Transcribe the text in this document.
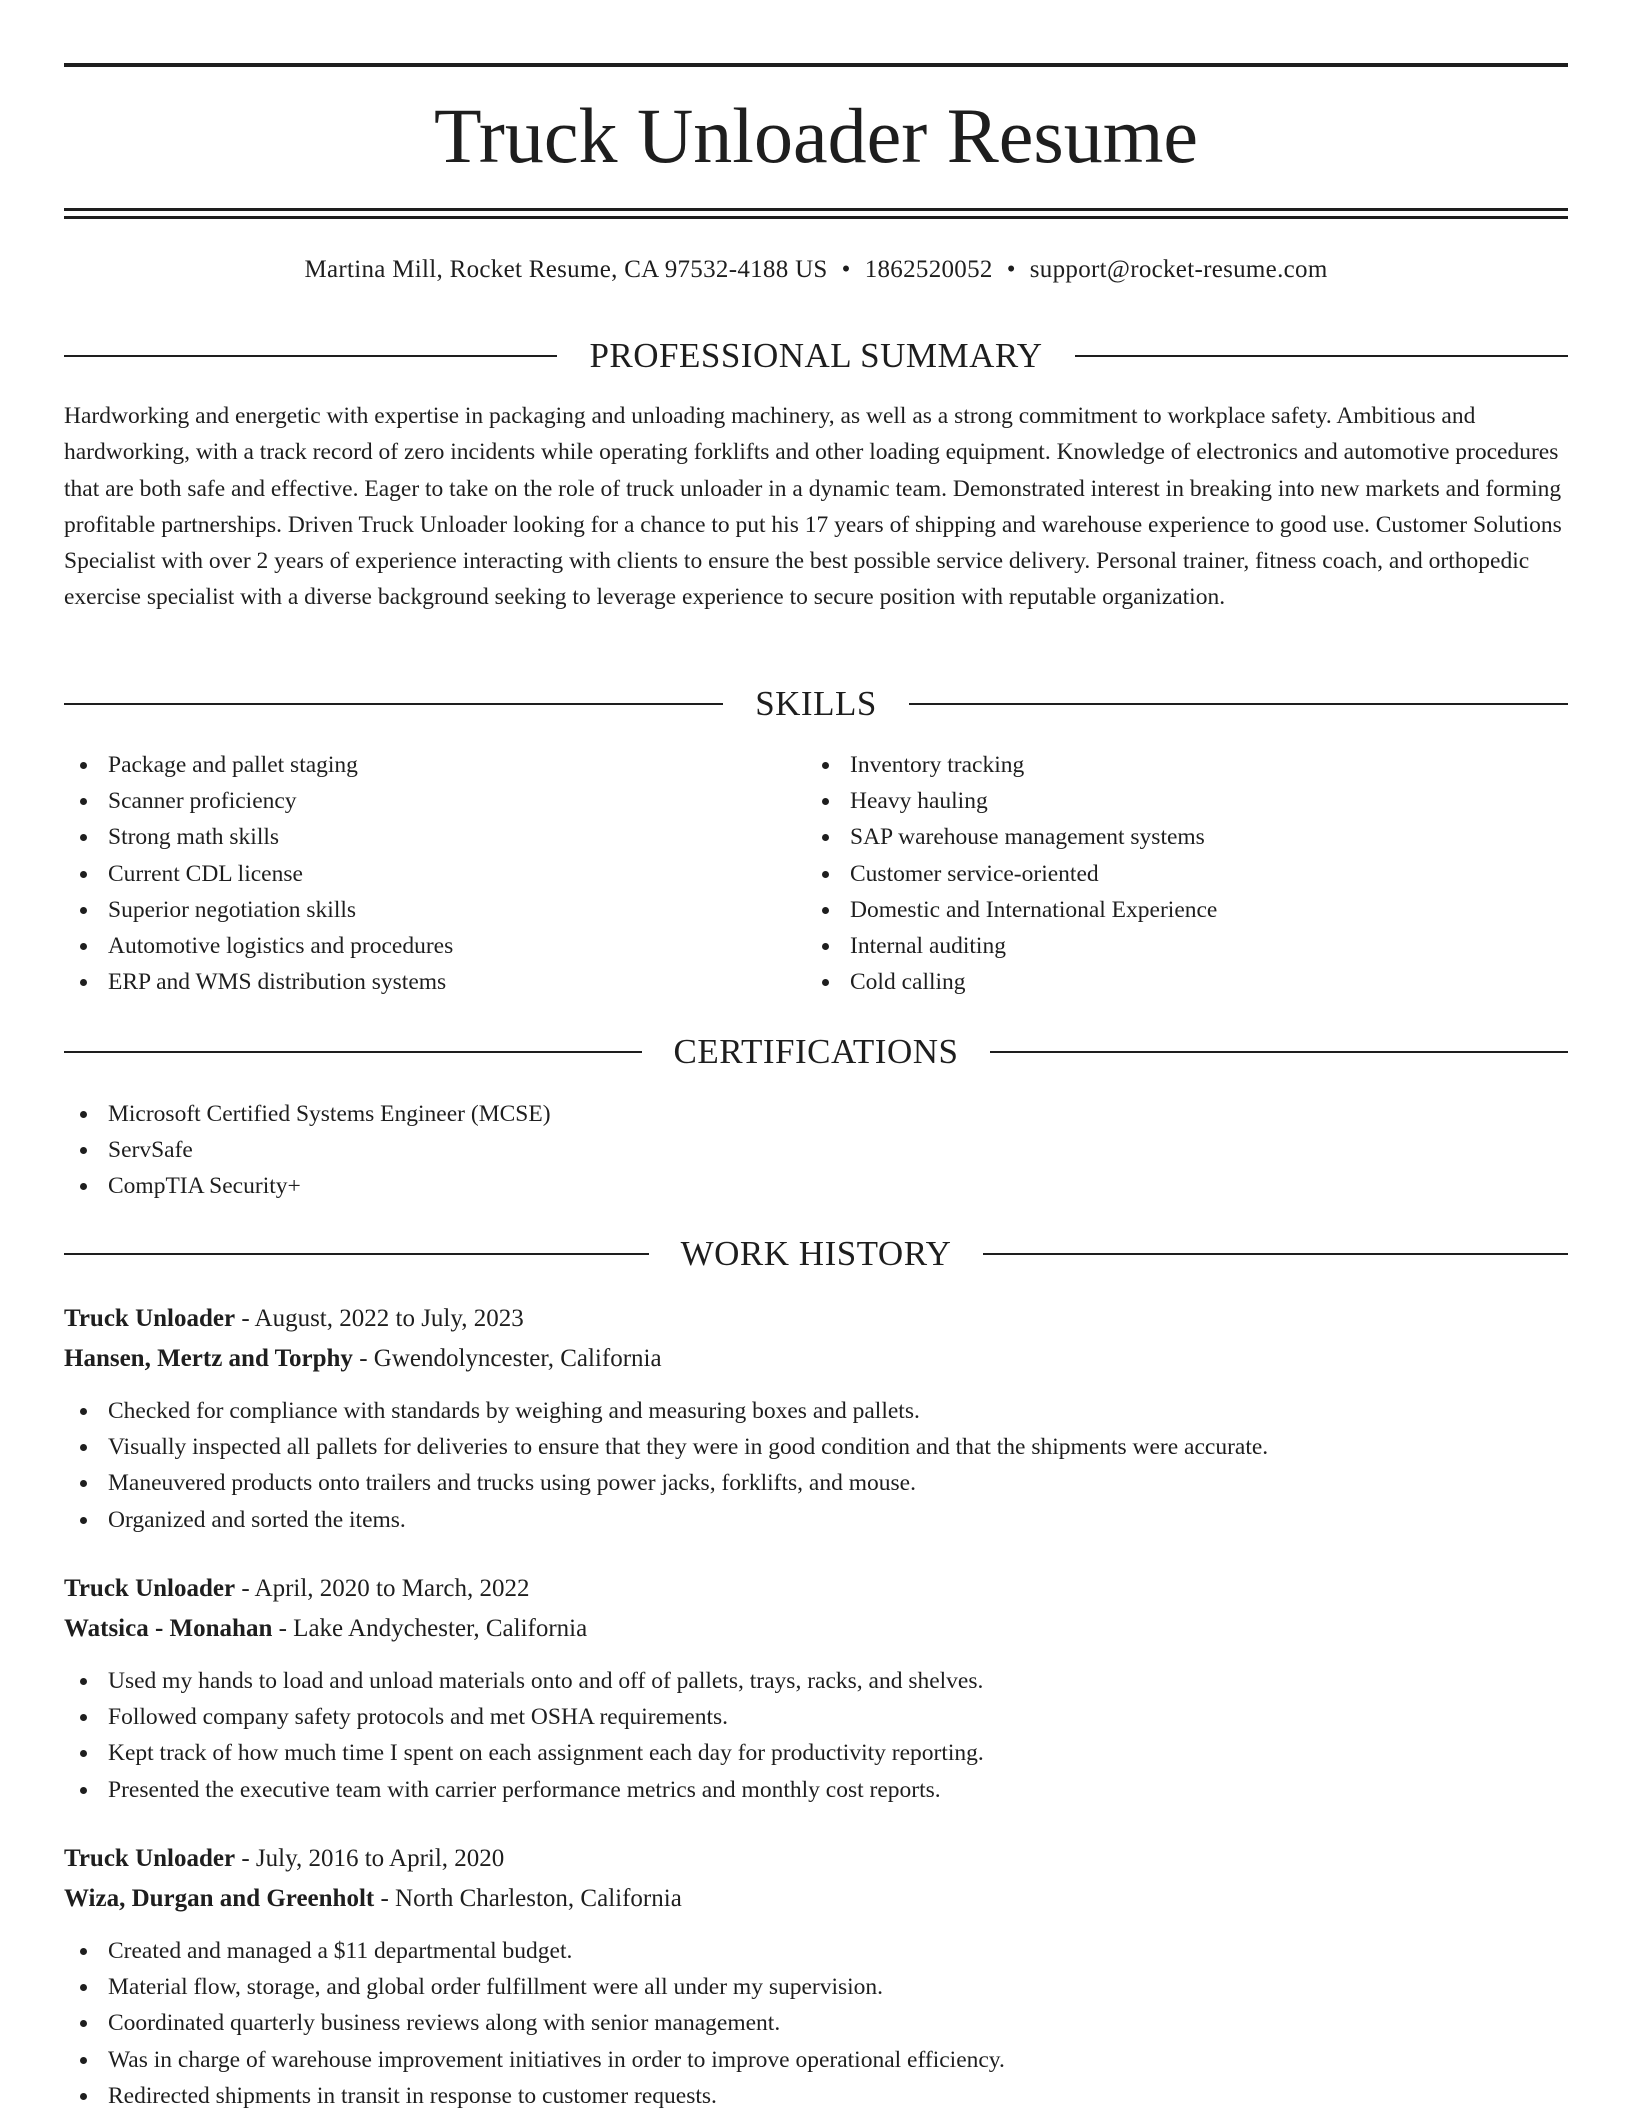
Truck Unloader Resume
Martina Mill, Rocket Resume, CA 97532-4188 US • 1862520052 • support@rocket-resume.com
PROFESSIONAL SUMMARY

Hardworking and energetic with expertise in packaging and unloading machinery, as well as a strong commitment to workplace safety. Ambitious and hardworking, with a track record of zero incidents while operating forklifts and other loading equipment. Knowledge of electronics and automotive procedures that are both safe and effective. Eager to take on the role of truck unloader in a dynamic team. Demonstrated interest in breaking into new markets and forming profitable partnerships. Driven Truck Unloader looking for a chance to put his 17 years of shipping and warehouse experience to good use. Customer Solutions Specialist with over 2 years of experience interacting with clients to ensure the best possible service delivery. Personal trainer, fitness coach, and orthopedic exercise specialist with a diverse background seeking to leverage experience to secure position with reputable organization.

SKILLS
Package and pallet staging
Scanner proficiency
Strong math skills
Current CDL license
Superior negotiation skills
Automotive logistics and procedures
ERP and WMS distribution systems
Inventory tracking
Heavy hauling
SAP warehouse management systems
Customer service-oriented
Domestic and International Experience
Internal auditing
Cold calling
CERTIFICATIONS
Microsoft Certified Systems Engineer (MCSE)
ServSafe
CompTIA Security+
WORK HISTORY
Truck Unloader - August, 2022 to July, 2023
Hansen, Mertz and Torphy - Gwendolyncester, California
Checked for compliance with standards by weighing and measuring boxes and pallets.
Visually inspected all pallets for deliveries to ensure that they were in good condition and that the shipments were accurate.
Maneuvered products onto trailers and trucks using power jacks, forklifts, and mouse.
Organized and sorted the items.
Truck Unloader - April, 2020 to March, 2022
Watsica - Monahan - Lake Andychester, California
Used my hands to load and unload materials onto and off of pallets, trays, racks, and shelves.
Followed company safety protocols and met OSHA requirements.
Kept track of how much time I spent on each assignment each day for productivity reporting.
Presented the executive team with carrier performance metrics and monthly cost reports.
Truck Unloader - July, 2016 to April, 2020
Wiza, Durgan and Greenholt - North Charleston, California
Created and managed a $11 departmental budget.
Material flow, storage, and global order fulfillment were all under my supervision.
Coordinated quarterly business reviews along with senior management.
Was in charge of warehouse improvement initiatives in order to improve operational efficiency.
Redirected shipments in transit in response to customer requests.
